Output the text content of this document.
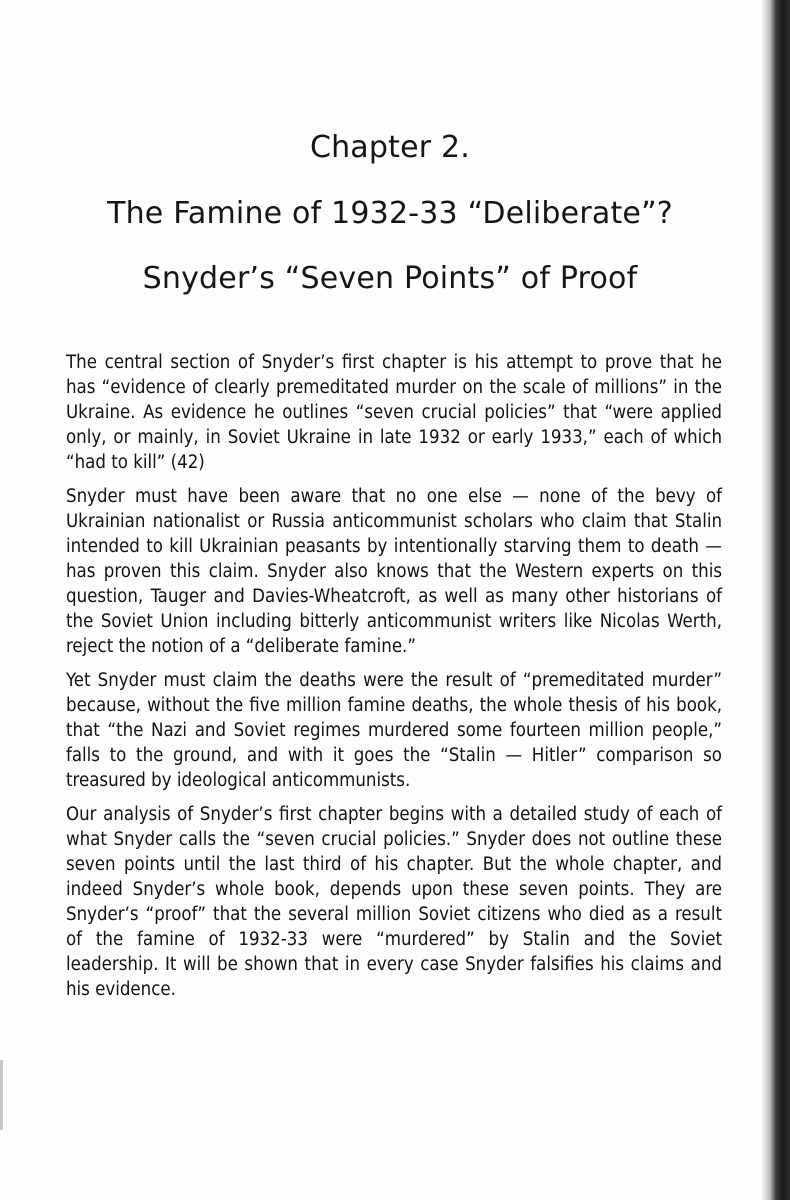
Chapter 2.
The Famine of 1932-33 “Deliberate”?
Snyder’s “Seven Points” of Proof

The central section of Snyder’s first chapter is his attempt to prove that he has “evidence of clearly premeditated murder on the scale of millions” in the Ukraine. As evidence he outlines “seven crucial policies” that “were applied only, or mainly, in Soviet Ukraine in late 1932 or early 1933,” each of which “had to kill” (42)

Snyder must have been aware that no one else — none of the bevy of Ukrainian nationalist or Russia anticommunist scholars who claim that Stalin intended to kill Ukrainian peasants by intentionally starving them to death — has proven this claim. Snyder also knows that the Western experts on this question, Tauger and Davies-Wheatcroft, as well as many other historians of the Soviet Union including bitterly anticommunist writers like Nicolas Werth, reject the notion of a “deliberate famine.”

Yet Snyder must claim the deaths were the result of “premeditated murder” because, without the five million famine deaths, the whole thesis of his book, that “the Nazi and Soviet regimes murdered some fourteen million people,” falls to the ground, and with it goes the “Stalin — Hitler” comparison so treasured by ideological anticommunists.

Our analysis of Snyder’s first chapter begins with a detailed study of each of what Snyder calls the “seven crucial policies.” Snyder does not outline these seven points until the last third of his chapter. But the whole chapter, and indeed Snyder’s whole book, depends upon these seven points. They are Snyder’s “proof” that the several million Soviet citizens who died as a result of the famine of 1932-33 were “murdered” by Stalin and the Soviet leadership. It will be shown that in every case Snyder falsifies his claims and his evidence.
